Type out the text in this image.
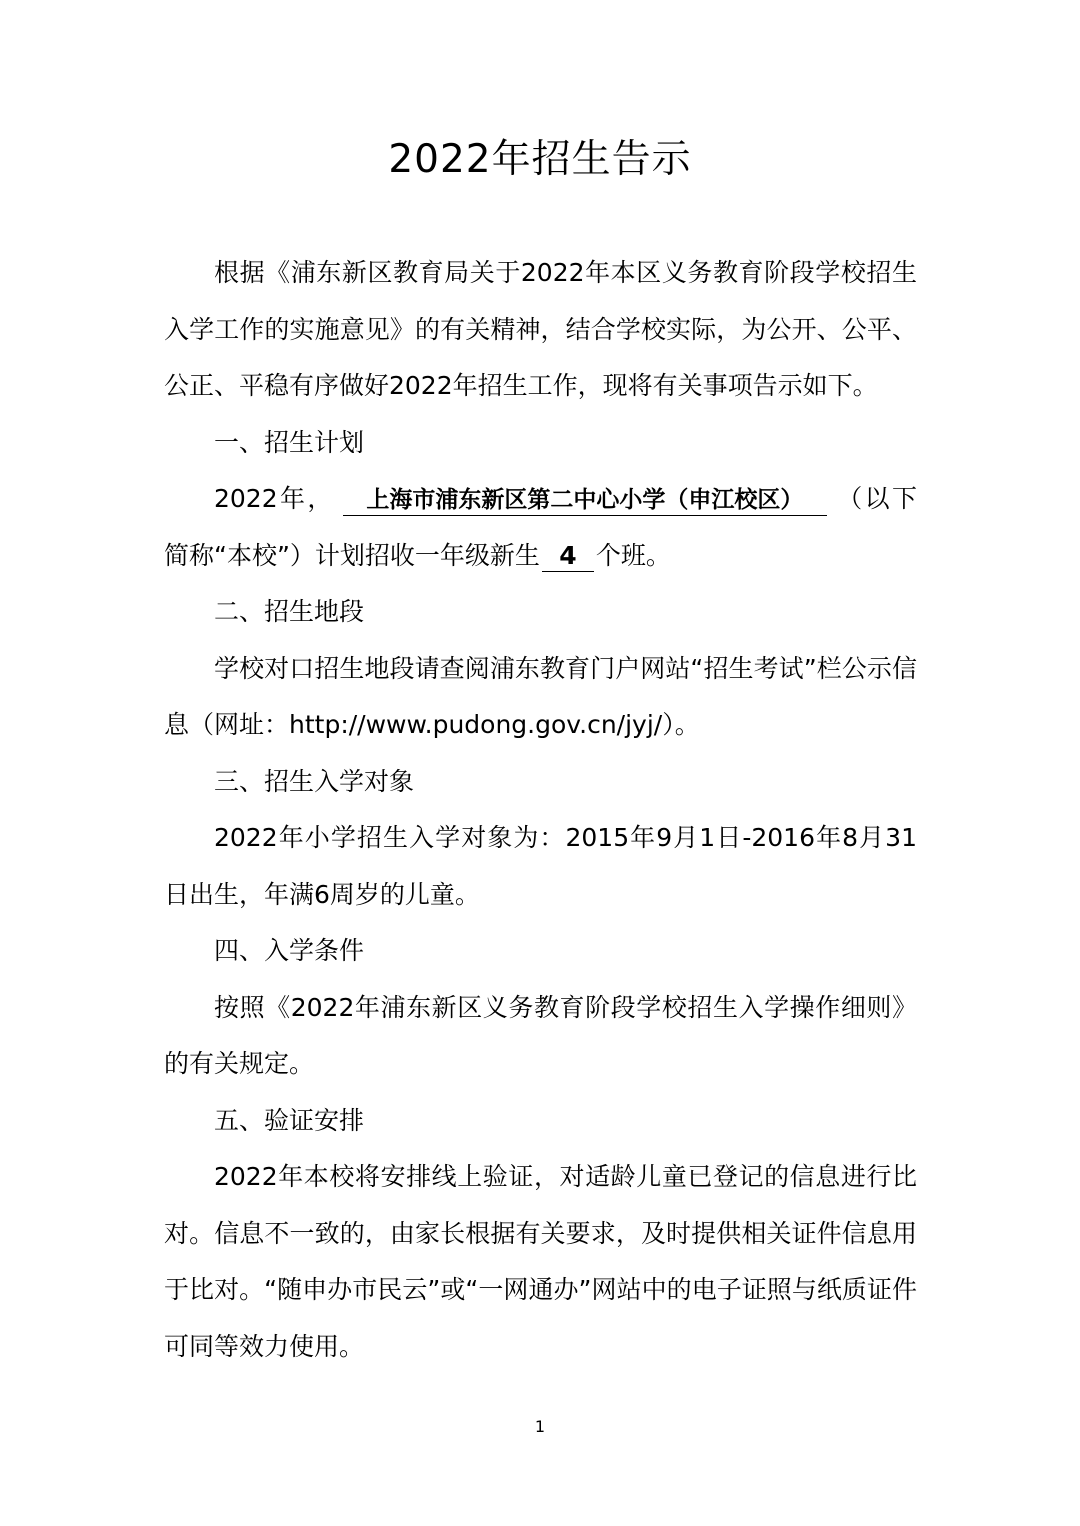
2022年招生告示

根据《浦东新区教育局关于2022年本区义务教育阶段学校招生入学工作的实施意见》的有关精神，结合学校实际，为公开、公平、公正、平稳有序做好2022年招生工作，现将有关事项告示如下。

一、招生计划

2022年， 上海市浦东新区第二中心小学（申江校区） （以下简称“本校”）计划招收一年级新生 4 个班。

二、招生地段

学校对口招生地段请查阅浦东教育门户网站“招生考试”栏公示信息（网址：http://www.pudong.gov.cn/jyj/）。

三、招生入学对象

2022年小学招生入学对象为：2015年9月1日-2016年8月31日出生，年满6周岁的儿童。

四、入学条件

按照《2022年浦东新区义务教育阶段学校招生入学操作细则》的有关规定。

五、验证安排

2022年本校将安排线上验证，对适龄儿童已登记的信息进行比对。信息不一致的，由家长根据有关要求，及时提供相关证件信息用于比对。“随申办市民云”或“一网通办”网站中的电子证照与纸质证件可同等效力使用。

1
